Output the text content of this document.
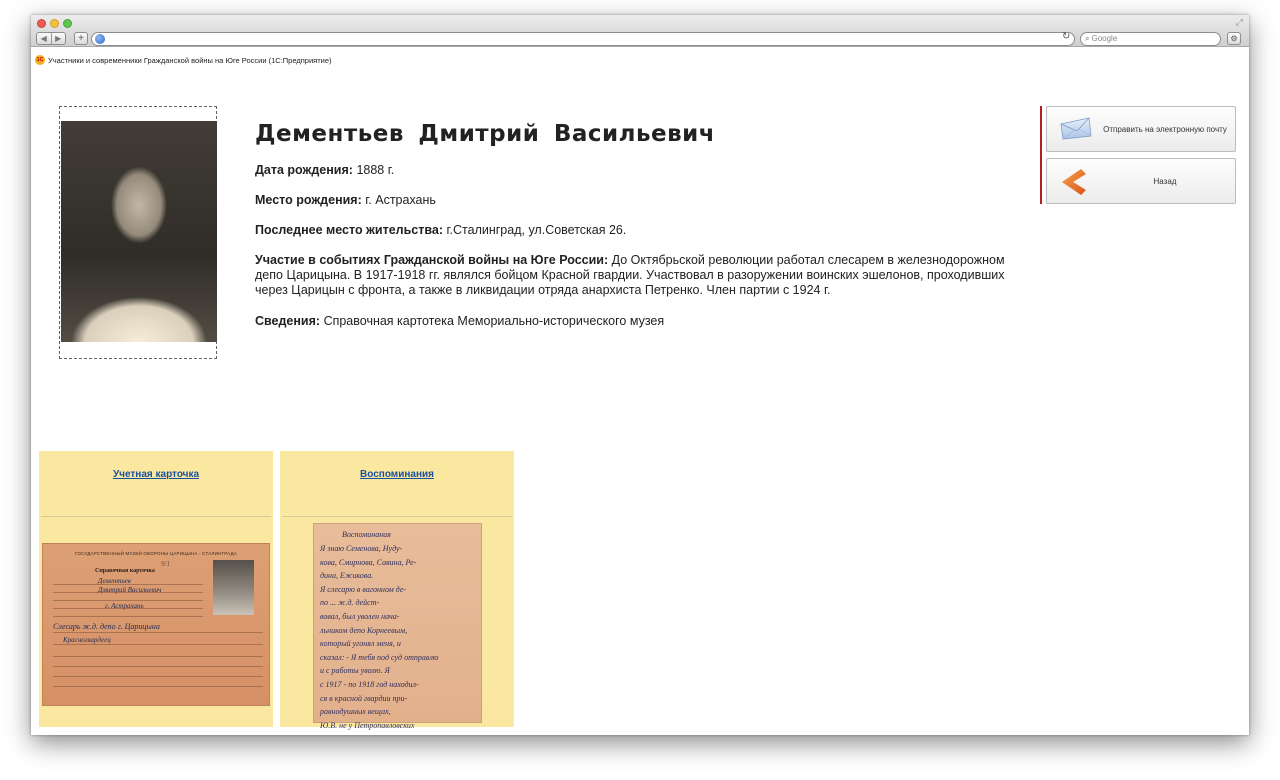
⤢
◀	▶	+	↻	⌕ Google	⚙
1С Участники и современники Гражданской войны на Юге России (1С:Предприятие)
Дементьев Дмитрий Васильевич
Дата рождения: 1888 г.
Место рождения: г. Астрахань
Последнее место жительства: г.Сталинград, ул.Советская 26.
Участие в событиях Гражданской войны на Юге России: До Октябрьской революции работал слесарем в железнодорожном депо Царицына. В 1917-1918 гг. являлся бойцом Красной гвардии. Участвовал в разоружении воинских эшелонов, проходивших через Царицын с фронта, а также в ликвидации отряда анархиста Петренко. Член партии с 1924 г.
Сведения: Справочная картотека Мемориально-исторического музея
Отправить на электронную почту
Назад
Учетная карточка
ГОСУДАРСТВЕННЫЙ МУЗЕЙ ОБОРОНЫ ЦАРИЦЫНА - СТАЛИНГРАДА
Справочная карточка
9/1
Дементьев
Дмитрий Васильевич
г. Астрахань
Слесарь ж.д. депо г. Царицына
Красногвардеец
Воспоминания
Воспоминания
Я знаю Семенова, Нуду-
кова, Смирнова, Савина, Ре-
дина, Ежикова.
Я слесарю в вагонном де-
по ... ж.д. дейст-
вовал, был уволен нача-
льником депо Корнеевым,
который угонял меня, и
сказал: - Я тебя под суд отправлю
и с работы уволю. Я
с 1917 - по 1918 год находил-
ся в красной гвардии при-
равнодушных вещах,
Ю.В. не у Петропавловских
